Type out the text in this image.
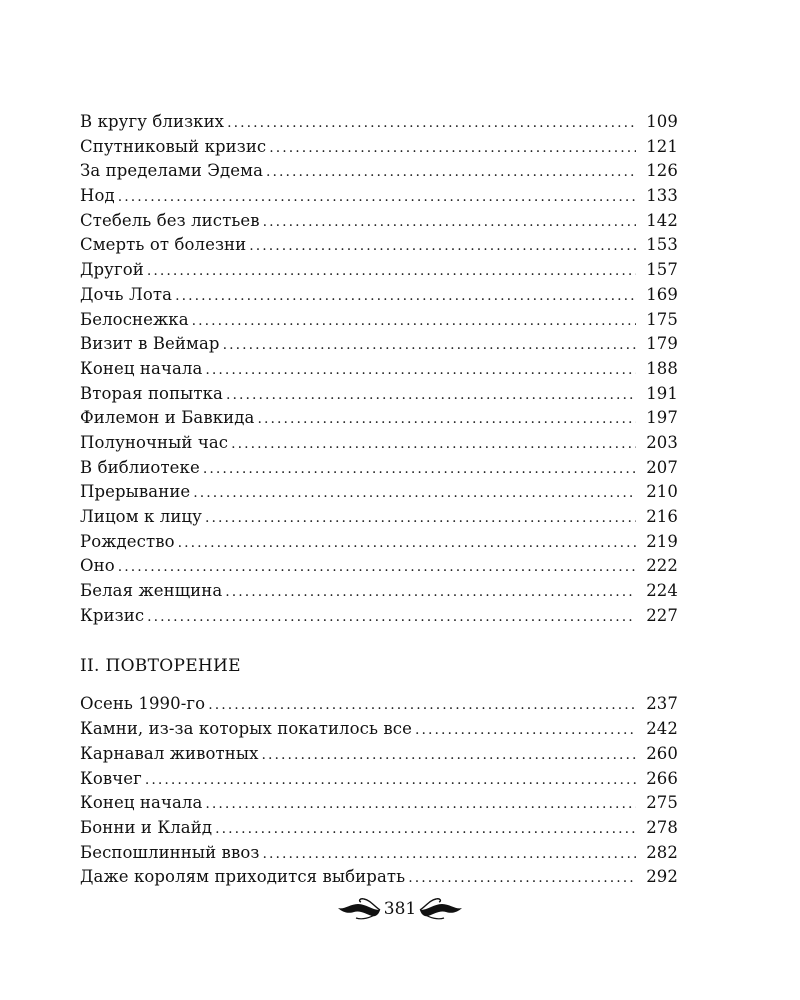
В кругу близких . . .	109
Спутниковый кризис . . .	121
За пределами Эдема . . .	126
Нод . . .	133
Стебель без листьев . . .	142
Смерть от болезни . . .	153
Другой . . .	157
Дочь Лота . . .	169
Белоснежка . . .	175
Визит в Веймар . . .	179
Конец начала . . .	188
Вторая попытка . . .	191
Филемон и Бавкида . . .	197
Полуночный час . . .	203
В библиотеке . . .	207
Прерывание . . .	210
Лицом к лицу . . .	216
Рождество . . .	219
Оно . . .	222
Белая женщина . . .	224
Кризис . . .	227
II. ПОВТОРЕНИЕ
Осень 1990-го . . .	237
Камни, из-за которых покатилось все . . .	242
Карнавал животных . . .	260
Ковчег . . .	266
Конец начала . . .	275
Бонни и Клайд . . .	278
Беспошлинный ввоз . . .	282
Даже королям приходится выбирать . . .	292
381
